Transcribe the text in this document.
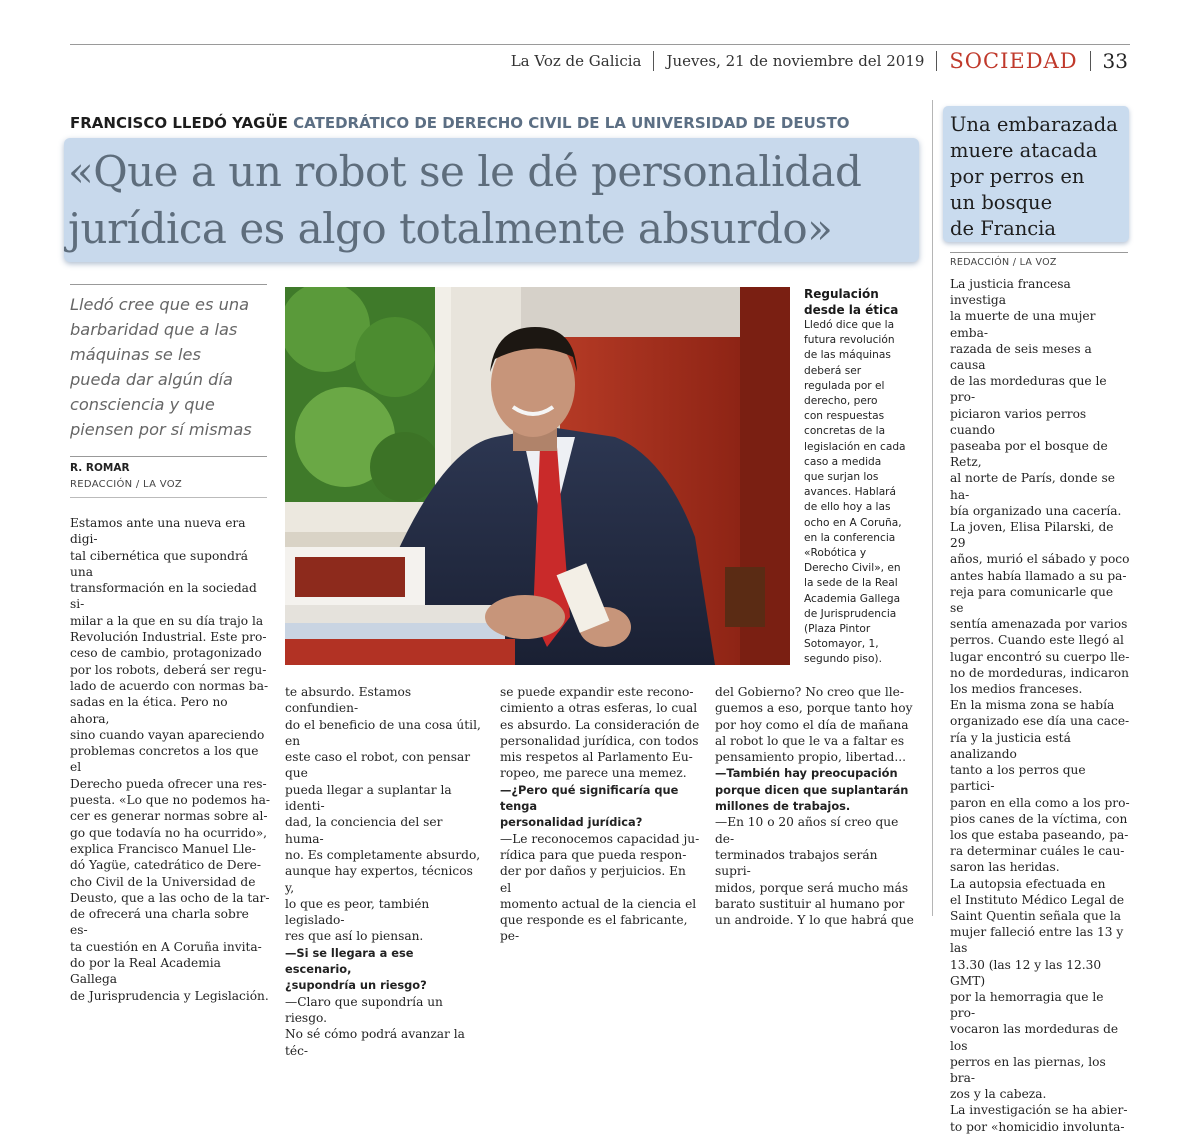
La Voz de Galicia Jueves, 21 de noviembre del 2019 SOCIEDAD 33
FRANCISCO LLEDÓ YAGÜE CATEDRÁTICO DE DERECHO CIVIL DE LA UNIVERSIDAD DE DEUSTO
«Que a un robot se le dé personalidad
jurídica es algo totalmente absurdo»
Lledó cree que es una
barbaridad que a las
máquinas se les
pueda dar algún día
consciencia y que
piensen por sí mismas
R. ROMAR
REDACCIÓN / LA VOZ
Regulación
desde la ética
Lledó dice que la
futura revolución
de las máquinas
deberá ser
regulada por el
derecho, pero
con respuestas
concretas de la
legislación en cada
caso a medida
que surjan los
avances. Hablará
de ello hoy a las
ocho en A Coruña,
en la conferencia
«Robótica y
Derecho Civil», en
la sede de la Real
Academia Gallega
de Jurisprudencia
(Plaza Pintor
Sotomayor, 1,
segundo piso).
Estamos ante una nueva era digi-
tal cibernética que supondrá una
transformación en la sociedad si-
milar a la que en su día trajo la
Revolución Industrial. Este pro-
ceso de cambio, protagonizado
por los robots, deberá ser regu-
lado de acuerdo con normas ba-
sadas en la ética. Pero no ahora,
sino cuando vayan apareciendo
problemas concretos a los que el
Derecho pueda ofrecer una res-
puesta. «Lo que no podemos ha-
cer es generar normas sobre al-
go que todavía no ha ocurrido»,
explica Francisco Manuel Lle-
dó Yagüe, catedrático de Dere-
cho Civil de la Universidad de
Deusto, que a las ocho de la tar-
de ofrecerá una charla sobre es-
ta cuestión en A Coruña invita-
do por la Real Academia Gallega
de Jurisprudencia y Legislación.
te absurdo. Estamos confundien-
do el beneficio de una cosa útil, en
este caso el robot, con pensar que
pueda llegar a suplantar la identi-
dad, la conciencia del ser huma-
no. Es completamente absurdo,
aunque hay expertos, técnicos y,
lo que es peor, también legislado-
res que así lo piensan.
—Si se llegara a ese escenario,
¿supondría un riesgo?
—Claro que supondría un riesgo.
No sé cómo podrá avanzar la téc-
se puede expandir este recono-
cimiento a otras esferas, lo cual
es absurdo. La consideración de
personalidad jurídica, con todos
mis respetos al Parlamento Eu-
ropeo, me parece una memez.
—¿Pero qué significaría que tenga
personalidad jurídica?
—Le reconocemos capacidad ju-
rídica para que pueda respon-
der por daños y perjuicios. En el
momento actual de la ciencia el
que responde es el fabricante, pe-
del Gobierno? No creo que lle-
guemos a eso, porque tanto hoy
por hoy como el día de mañana
al robot lo que le va a faltar es
pensamiento propio, libertad...
—También hay preocupación
porque dicen que suplantarán
millones de trabajos.
—En 10 o 20 años sí creo que de-
terminados trabajos serán supri-
midos, porque será mucho más
barato sustituir al humano por
un androide. Y lo que habrá que
Una embarazada
muere atacada
por perros en
un bosque
de Francia
REDACCIÓN / LA VOZ
La justicia francesa investiga
la muerte de una mujer emba-
razada de seis meses a causa
de las mordeduras que le pro-
piciaron varios perros cuando
paseaba por el bosque de Retz,
al norte de París, donde se ha-
bía organizado una cacería.
La joven, Elisa Pilarski, de 29
años, murió el sábado y poco
antes había llamado a su pa-
reja para comunicarle que se
sentía amenazada por varios
perros. Cuando este llegó al
lugar encontró su cuerpo lle-
no de mordeduras, indicaron
los medios franceses.
En la misma zona se había
organizado ese día una cace-
ría y la justicia está analizando
tanto a los perros que partici-
paron en ella como a los pro-
pios canes de la víctima, con
los que estaba paseando, pa-
ra determinar cuáles le cau-
saron las heridas.
La autopsia efectuada en
el Instituto Médico Legal de
Saint Quentin señala que la
mujer falleció entre las 13 y las
13.30 (las 12 y las 12.30 GMT)
por la hemorragia que le pro-
vocaron las mordeduras de los
perros en las piernas, los bra-
zos y la cabeza.
La investigación se ha abier-
to por «homicidio involunta-
